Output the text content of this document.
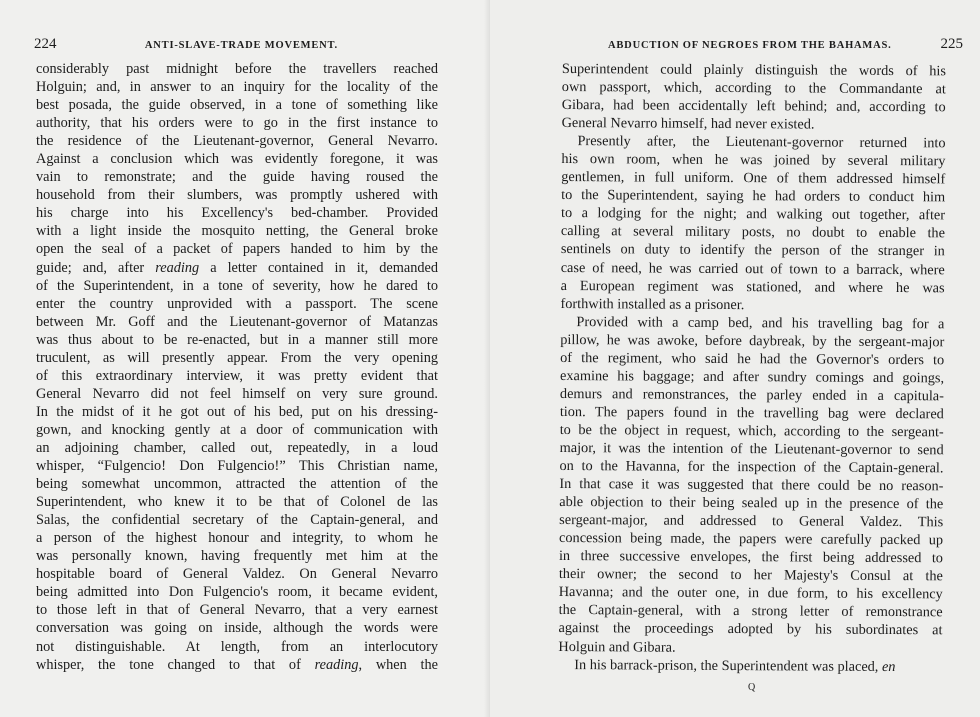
224	ANTI-SLAVE-TRADE MOVEMENT.
considerably past midnight before the travellers reached
Holguin; and, in answer to an inquiry for the locality of the
best posada, the guide observed, in a tone of something like
authority, that his orders were to go in the first instance to
the residence of the Lieutenant-governor, General Nevarro.
Against a conclusion which was evidently foregone, it was
vain to remonstrate; and the guide having roused the
household from their slumbers, was promptly ushered with
his charge into his Excellency's bed-chamber. Provided
with a light inside the mosquito netting, the General broke
open the seal of a packet of papers handed to him by the
guide; and, after reading a letter contained in it, demanded
of the Superintendent, in a tone of severity, how he dared to
enter the country unprovided with a passport. The scene
between Mr. Goff and the Lieutenant-governor of Matanzas
was thus about to be re-enacted, but in a manner still more
truculent, as will presently appear. From the very opening
of this extraordinary interview, it was pretty evident that
General Nevarro did not feel himself on very sure ground.
In the midst of it he got out of his bed, put on his dressing-
gown, and knocking gently at a door of communication with
an adjoining chamber, called out, repeatedly, in a loud
whisper, “Fulgencio! Don Fulgencio!” This Christian name,
being somewhat uncommon, attracted the attention of the
Superintendent, who knew it to be that of Colonel de las
Salas, the confidential secretary of the Captain-general, and
a person of the highest honour and integrity, to whom he
was personally known, having frequently met him at the
hospitable board of General Valdez. On General Nevarro
being admitted into Don Fulgencio's room, it became evident,
to those left in that of General Nevarro, that a very earnest
conversation was going on inside, although the words were
not distinguishable. At length, from an interlocutory
whisper, the tone changed to that of reading, when the
ABDUCTION OF NEGROES FROM THE BAHAMAS.	225
Superintendent could plainly distinguish the words of his
own passport, which, according to the Commandante at
Gibara, had been accidentally left behind; and, according to
General Nevarro himself, had never existed.
Presently after, the Lieutenant-governor returned into
his own room, when he was joined by several military
gentlemen, in full uniform. One of them addressed himself
to the Superintendent, saying he had orders to conduct him
to a lodging for the night; and walking out together, after
calling at several military posts, no doubt to enable the
sentinels on duty to identify the person of the stranger in
case of need, he was carried out of town to a barrack, where
a European regiment was stationed, and where he was
forthwith installed as a prisoner.
Provided with a camp bed, and his travelling bag for a
pillow, he was awoke, before daybreak, by the sergeant-major
of the regiment, who said he had the Governor's orders to
examine his baggage; and after sundry comings and goings,
demurs and remonstrances, the parley ended in a capitula-
tion. The papers found in the travelling bag were declared
to be the object in request, which, according to the sergeant-
major, it was the intention of the Lieutenant-governor to send
on to the Havanna, for the inspection of the Captain-general.
In that case it was suggested that there could be no reason-
able objection to their being sealed up in the presence of the
sergeant-major, and addressed to General Valdez. This
concession being made, the papers were carefully packed up
in three successive envelopes, the first being addressed to
their owner; the second to her Majesty's Consul at the
Havanna; and the outer one, in due form, to his excellency
the Captain-general, with a strong letter of remonstrance
against the proceedings adopted by his subordinates at
Holguin and Gibara.
In his barrack-prison, the Superintendent was placed, en
Q
